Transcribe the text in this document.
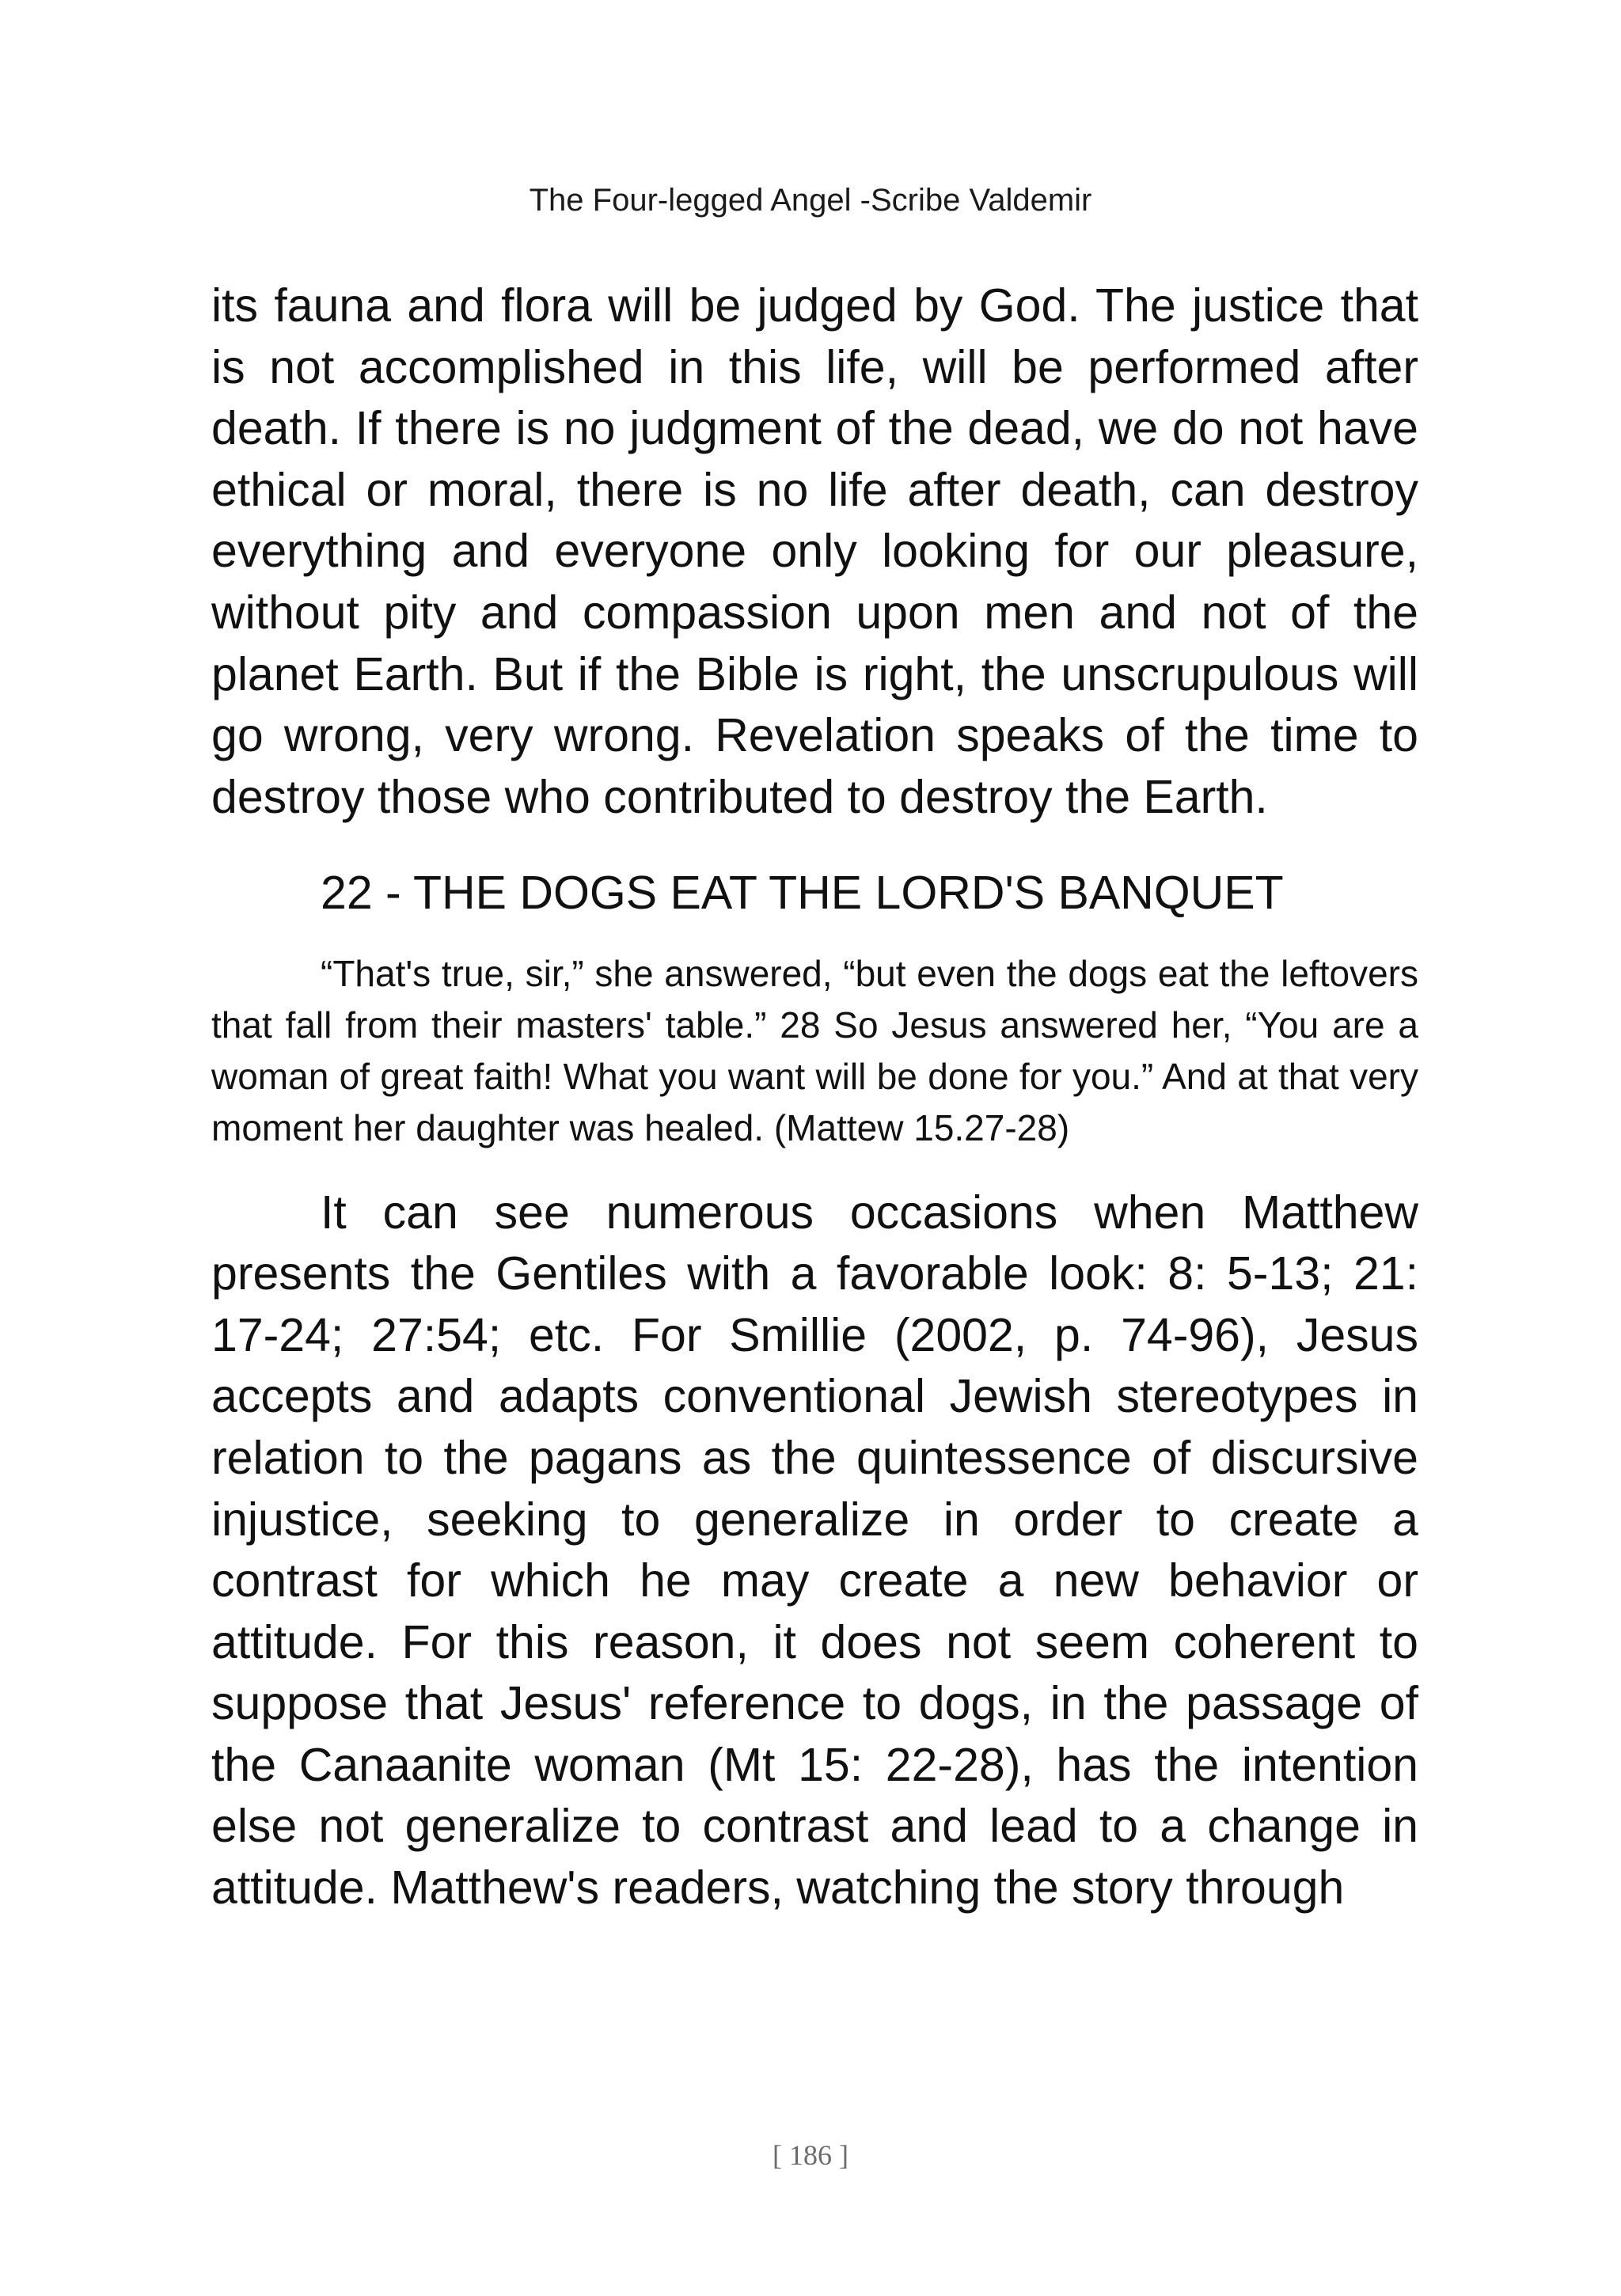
The Four-legged Angel -Scribe Valdemir

its fauna and flora will be judged by God. The justice that is not accomplished in this life, will be performed after death. If there is no judgment of the dead, we do not have ethical or moral, there is no life after death, can destroy everything and everyone only looking for our pleasure, without pity and compassion upon men and not of the planet Earth. But if the Bible is right, the unscrupulous will go wrong, very wrong. Revelation speaks of the time to destroy those who contributed to destroy the Earth.

22 - THE DOGS EAT THE LORD'S BANQUET

“That's true, sir,” she answered, “but even the dogs eat the leftovers that fall from their masters' table.” 28 So Jesus answered her, “You are a woman of great faith! What you want will be done for you.” And at that very moment her daughter was healed. (Mattew 15.27-28)

It can see numerous occasions when Matthew presents the Gentiles with a favorable look: 8: 5-13; 21: 17-24; 27:54; etc. For Smillie (2002, p. 74-96), Jesus accepts and adapts conventional Jewish stereotypes in relation to the pagans as the quintessence of discursive injustice, seeking to generalize in order to create a contrast for which he may create a new behavior or attitude. For this reason, it does not seem coherent to suppose that Jesus' reference to dogs, in the passage of the Canaanite woman (Mt 15: 22-28), has the intention else not generalize to contrast and lead to a change in attitude. Matthew's readers, watching the story through

[ 186 ]
